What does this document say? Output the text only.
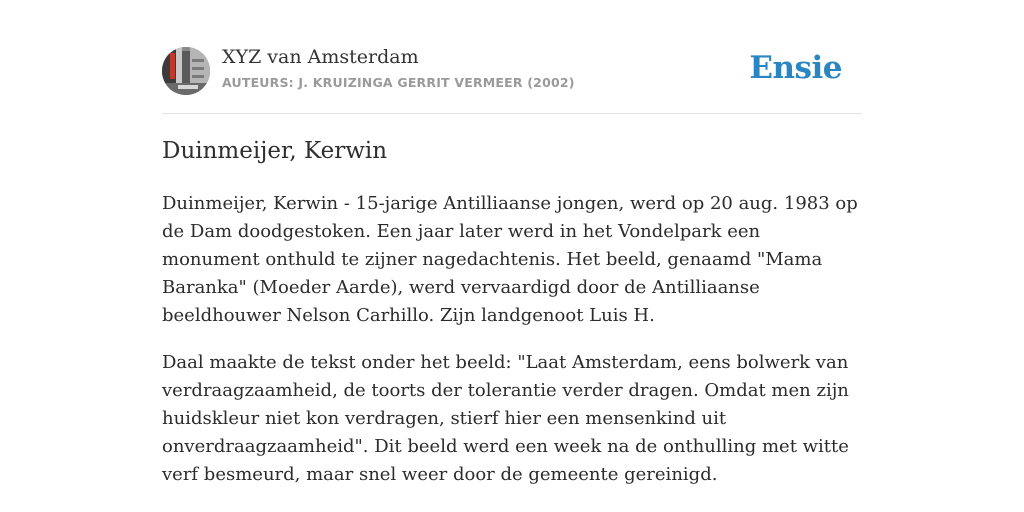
XYZ van Amsterdam
AUTEURS: J. KRUIZINGA GERRIT VERMEER (2002)	Ensie
Duinmeijer, Kerwin

Duinmeijer, Kerwin - 15-jarige Antilliaanse jongen, werd op 20 aug. 1983 op de Dam doodgestoken. Een jaar later werd in het Vondelpark een monument onthuld te zijner nagedachtenis. Het beeld, genaamd "Mama Baranka" (Moeder Aarde), werd vervaardigd door de Antilliaanse beeldhouwer Nelson Carhillo. Zijn landgenoot Luis H.

Daal maakte de tekst onder het beeld: "Laat Amsterdam, eens bolwerk van verdraagzaamheid, de toorts der tolerantie verder dragen. Omdat men zijn huidskleur niet kon verdragen, stierf hier een mensenkind uit onverdraagzaamheid". Dit beeld werd een week na de onthulling met witte verf besmeurd, maar snel weer door de gemeente gereinigd.
